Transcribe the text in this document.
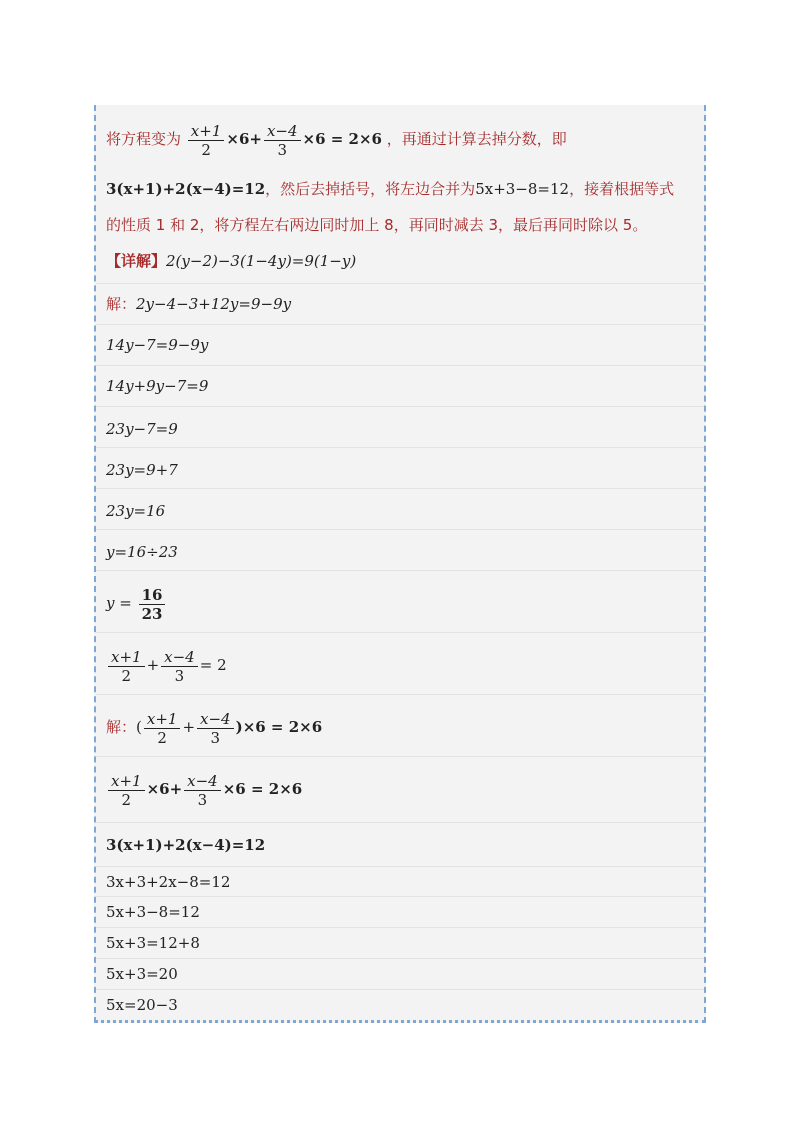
将方程变为 $\frac{x+1}{2} \times 6+ \frac{x-4}{3} \times 6 = 2\times 6$ ，再通过计算去掉分数，即
3(x+1)+2(x−4)=12，然后去掉括号，将左边合并为5x+3−8=12，接着根据等式
的性质 1 和 2，将方程左右两边同时加上 8，再同时减去 3，最后再同时除以 5。
【详解】2(y−2)−3(1−4y)=9(1−y)
解：2y−4−3+12y=9−9y
14y−7=9−9y
14y+9y−7=9
23y−7=9
23y=9+7
23y=16
y=16÷23
$y = \frac{16}{23}$
$\frac{x+1}{2} + \frac{x-4}{3} = 2$
解：( $\frac{x+1}{2} + \frac{x-4}{3} )\times 6 = 2\times 6$
$\frac{x+1}{2} \times 6+ \frac{x-4}{3} \times 6 = 2\times 6$
3(x+1)+2(x−4)=12
3x+3+2x−8=12
5x+3−8=12
5x+3=12+8
5x+3=20
5x=20−3
